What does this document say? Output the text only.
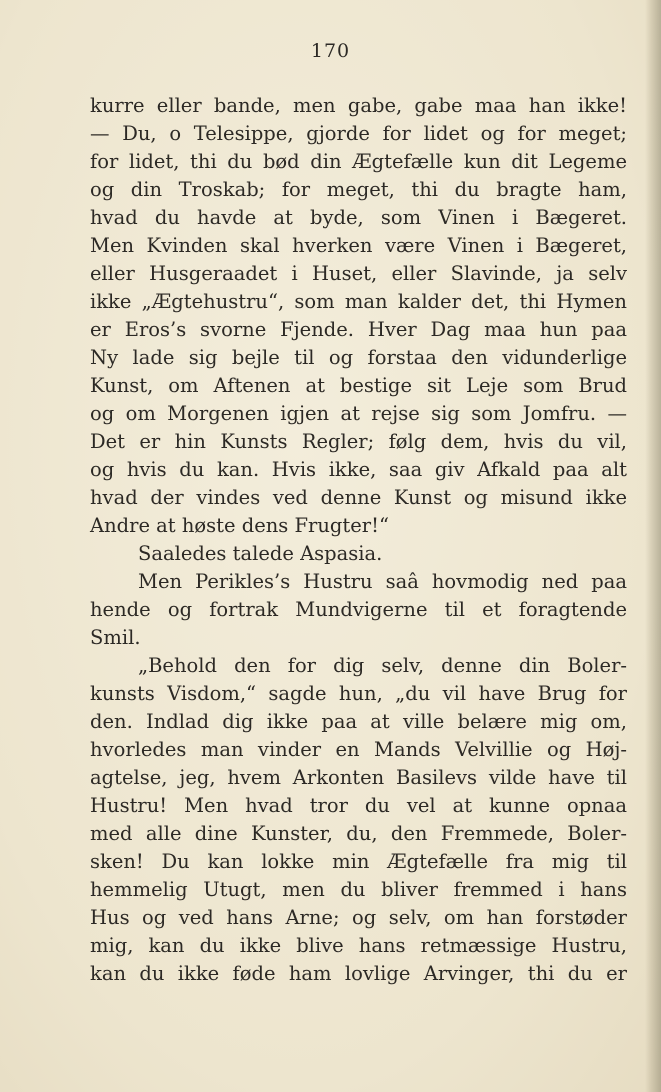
170
kurre eller bande, men gabe, gabe maa han ikke!
— Du, o Telesippe, gjorde for lidet og for meget;
for lidet, thi du bød din Ægtefælle kun dit Legeme
og din Troskab; for meget, thi du bragte ham,
hvad du havde at byde, som Vinen i Bægeret.
Men Kvinden skal hverken være Vinen i Bægeret,
eller Husgeraadet i Huset, eller Slavinde, ja selv
ikke „Ægtehustru“, som man kalder det, thi Hymen
er Eros’s svorne Fjende. Hver Dag maa hun paa
Ny lade sig bejle til og forstaa den vidunderlige
Kunst, om Aftenen at bestige sit Leje som Brud
og om Morgenen igjen at rejse sig som Jomfru. —
Det er hin Kunsts Regler; følg dem, hvis du vil,
og hvis du kan. Hvis ikke, saa giv Afkald paa alt
hvad der vindes ved denne Kunst og misund ikke
Andre at høste dens Frugter!“
Saaledes talede Aspasia.
Men Perikles’s Hustru saâ hovmodig ned paa
hende og fortrak Mundvigerne til et foragtende
Smil.
„Behold den for dig selv, denne din Boler-
kunsts Visdom,“ sagde hun, „du vil have Brug for
den. Indlad dig ikke paa at ville belære mig om,
hvorledes man vinder en Mands Velvillie og Høj-
agtelse, jeg, hvem Arkonten Basilevs vilde have til
Hustru! Men hvad tror du vel at kunne opnaa
med alle dine Kunster, du, den Fremmede, Boler-
sken! Du kan lokke min Ægtefælle fra mig til
hemmelig Utugt, men du bliver fremmed i hans
Hus og ved hans Arne; og selv, om han forstøder
mig, kan du ikke blive hans retmæssige Hustru,
kan du ikke føde ham lovlige Arvinger, thi du er
